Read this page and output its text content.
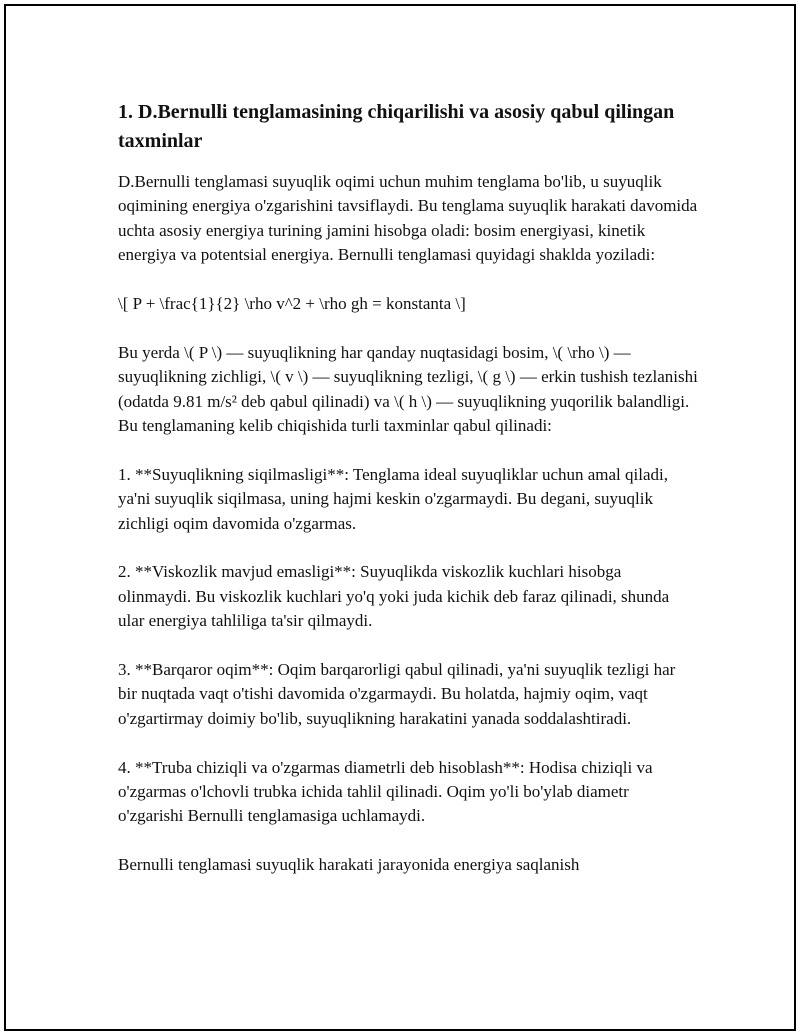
1. D.Bernulli tenglamasining chiqarilishi va asosiy qabul qilingan taxminlar

D.Bernulli tenglamasi suyuqlik oqimi uchun muhim tenglama bo'lib, u suyuqlik oqimining energiya o'zgarishini tavsiflaydi. Bu tenglama suyuqlik harakati davomida uchta asosiy energiya turining jamini hisobga oladi: bosim energiyasi, kinetik energiya va potentsial energiya. Bernulli tenglamasi quyidagi shaklda yoziladi:

\[ P + \frac{1}{2} \rho v^2 + \rho gh = konstanta \]

Bu yerda \( P \) — suyuqlikning har qanday nuqtasidagi bosim, \( \rho \) — suyuqlikning zichligi, \( v \) — suyuqlikning tezligi, \( g \) — erkin tushish tezlanishi (odatda 9.81 m/s² deb qabul qilinadi) va \( h \) — suyuqlikning yuqorilik balandligi. Bu tenglamaning kelib chiqishida turli taxminlar qabul qilinadi:

1. **Suyuqlikning siqilmasligi**: Tenglama ideal suyuqliklar uchun amal qiladi, ya'ni suyuqlik siqilmasa, uning hajmi keskin o'zgarmaydi. Bu degani, suyuqlik zichligi oqim davomida o'zgarmas.

2. **Viskozlik mavjud emasligi**: Suyuqlikda viskozlik kuchlari hisobga olinmaydi. Bu viskozlik kuchlari yo'q yoki juda kichik deb faraz qilinadi, shunda ular energiya tahliliga ta'sir qilmaydi.

3. **Barqaror oqim**: Oqim barqarorligi qabul qilinadi, ya'ni suyuqlik tezligi har bir nuqtada vaqt o'tishi davomida o'zgarmaydi. Bu holatda, hajmiy oqim, vaqt o'zgartirmay doimiy bo'lib, suyuqlikning harakatini yanada soddalashtiradi.

4. **Truba chiziqli va o'zgarmas diametrli deb hisoblash**: Hodisa chiziqli va o'zgarmas o'lchovli trubka ichida tahlil qilinadi. Oqim yo'li bo'ylab diametr o'zgarishi Bernulli tenglamasiga uchlamaydi.

Bernulli tenglamasi suyuqlik harakati jarayonida energiya saqlanish
